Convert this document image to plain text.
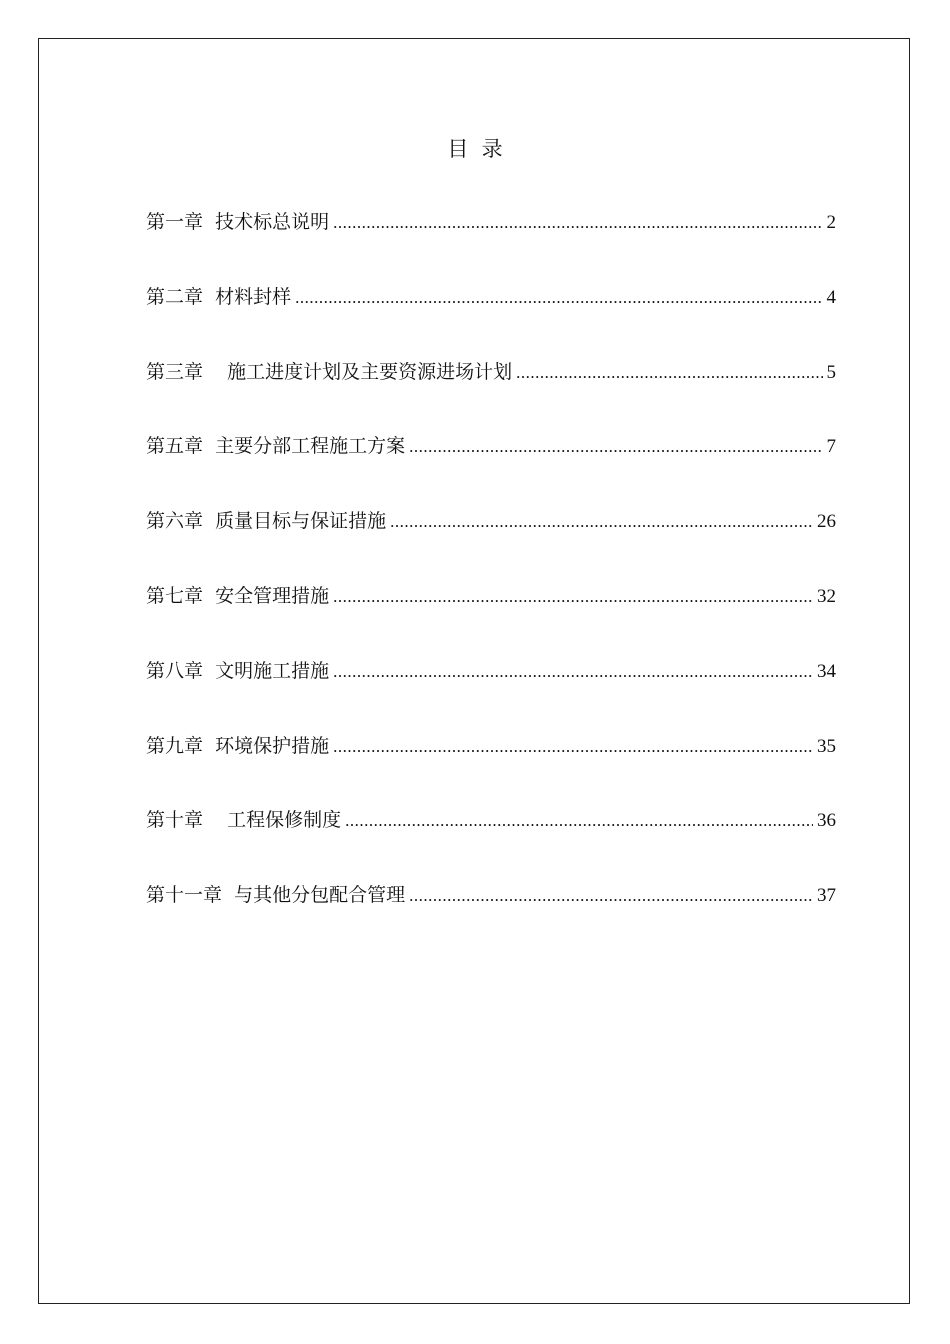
目  录
第一章  技术标总说明 .....	2
第二章  材料封样 .....	4
第三章    施工进度计划及主要资源进场计划 .....	5
第五章  主要分部工程施工方案 .....	7
第六章  质量目标与保证措施 .....	26
第七章  安全管理措施 .....	32
第八章  文明施工措施 .....	34
第九章  环境保护措施 .....	35
第十章    工程保修制度 .....	36
第十一章  与其他分包配合管理 .....	37
